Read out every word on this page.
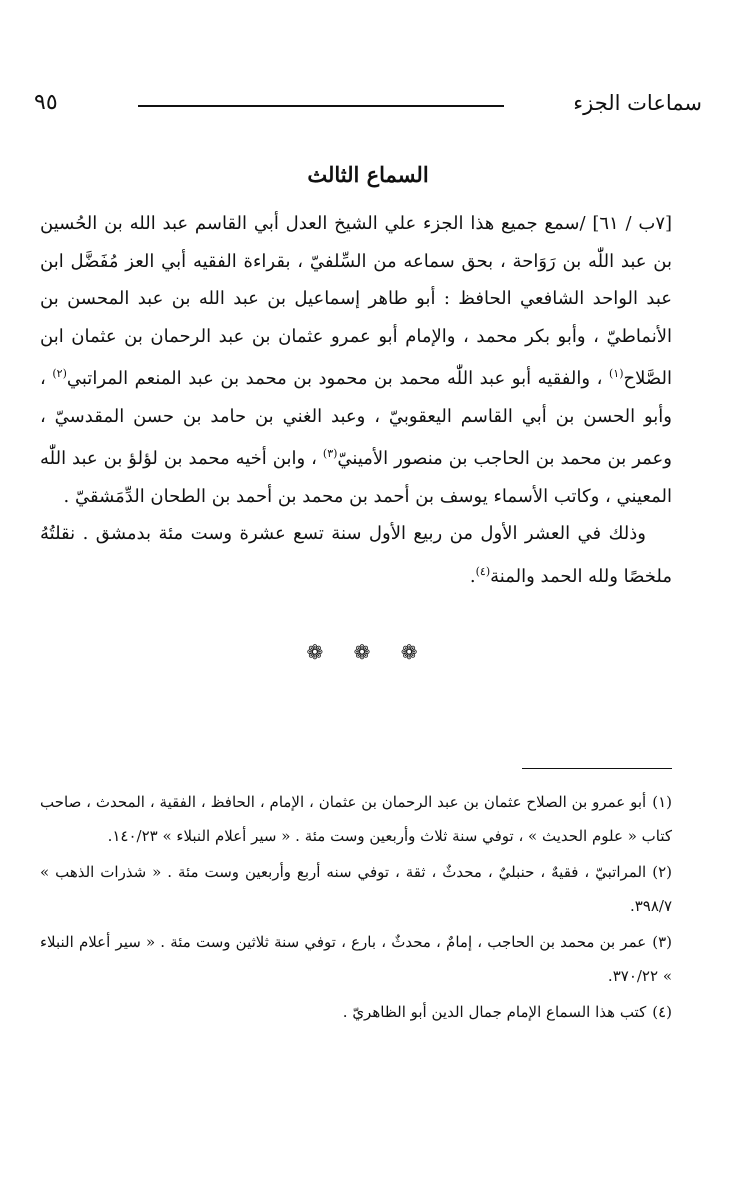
٩٥	سماعات الجزء
السماع الثالث

[٧ب / ٦١] /سمع جميع هذا الجزء علي الشيخ العدل أبي القاسم عبد الله بن الحُسين بن عبد اللّٰه بن رَوَاحة ، بحق سماعه من السِّلفيّ ، بقراءة الفقيه أبي العز مُفَضَّل ابن عبد الواحد الشافعي الحافظ : أبو طاهر إسماعيل بن عبد الله بن عبد المحسن بن الأنماطيّ ، وأبو بكر محمد ، والإمام أبو عمرو عثمان بن عبد الرحمان بن عثمان ابن الصَّلاح$^{(١)}$ ، والفقيه أبو عبد اللّٰه محمد بن محمود بن محمد بن عبد المنعم المراتبي$^{(٢)}$ ، وأبو الحسن بن أبي القاسم اليعقوبيّ ، وعبد الغني بن حامد بن حسن المقدسيّ ، وعمر بن محمد بن الحاجب بن منصور الأمينيّ$^{(٣)}$ ، وابن أخيه محمد بن لؤلؤ بن عبد اللّٰه المعيني ، وكاتب الأسماء يوسف بن أحمد بن محمد بن أحمد بن الطحان الدِّمَشقيّ .

وذلك في العشر الأول من ربيع الأول سنة تسع عشرة وست مئة بدمشق . نقلتُهُ ملخصًا ولله الحمد والمنة$^{(٤)}$.

❁ ❁ ❁

(١)أبو عمرو بن الصلاح عثمان بن عبد الرحمان بن عثمان ، الإمام ، الحافظ ، الفقية ، المحدث ، صاحب كتاب « علوم الحديث » ، توفي سنة ثلاث وأربعين وست مئة . « سير أعلام النبلاء » ١٤٠/٢٣.

(٢)المراتبيّ ، فقيهٌ ، حنبليٌ ، محدثٌ ، ثقة ، توفي سنه أربع وأربعين وست مئة . « شذرات الذهب » ٣٩٨/٧.

(٣)عمر بن محمد بن الحاجب ، إمامٌ ، محدثٌ ، بارع ، توفي سنة ثلاثين وست مئة . « سير أعلام النبلاء » ٣٧٠/٢٢.

(٤)كتب هذا السماع الإمام جمال الدين أبو الظاهريّ .
